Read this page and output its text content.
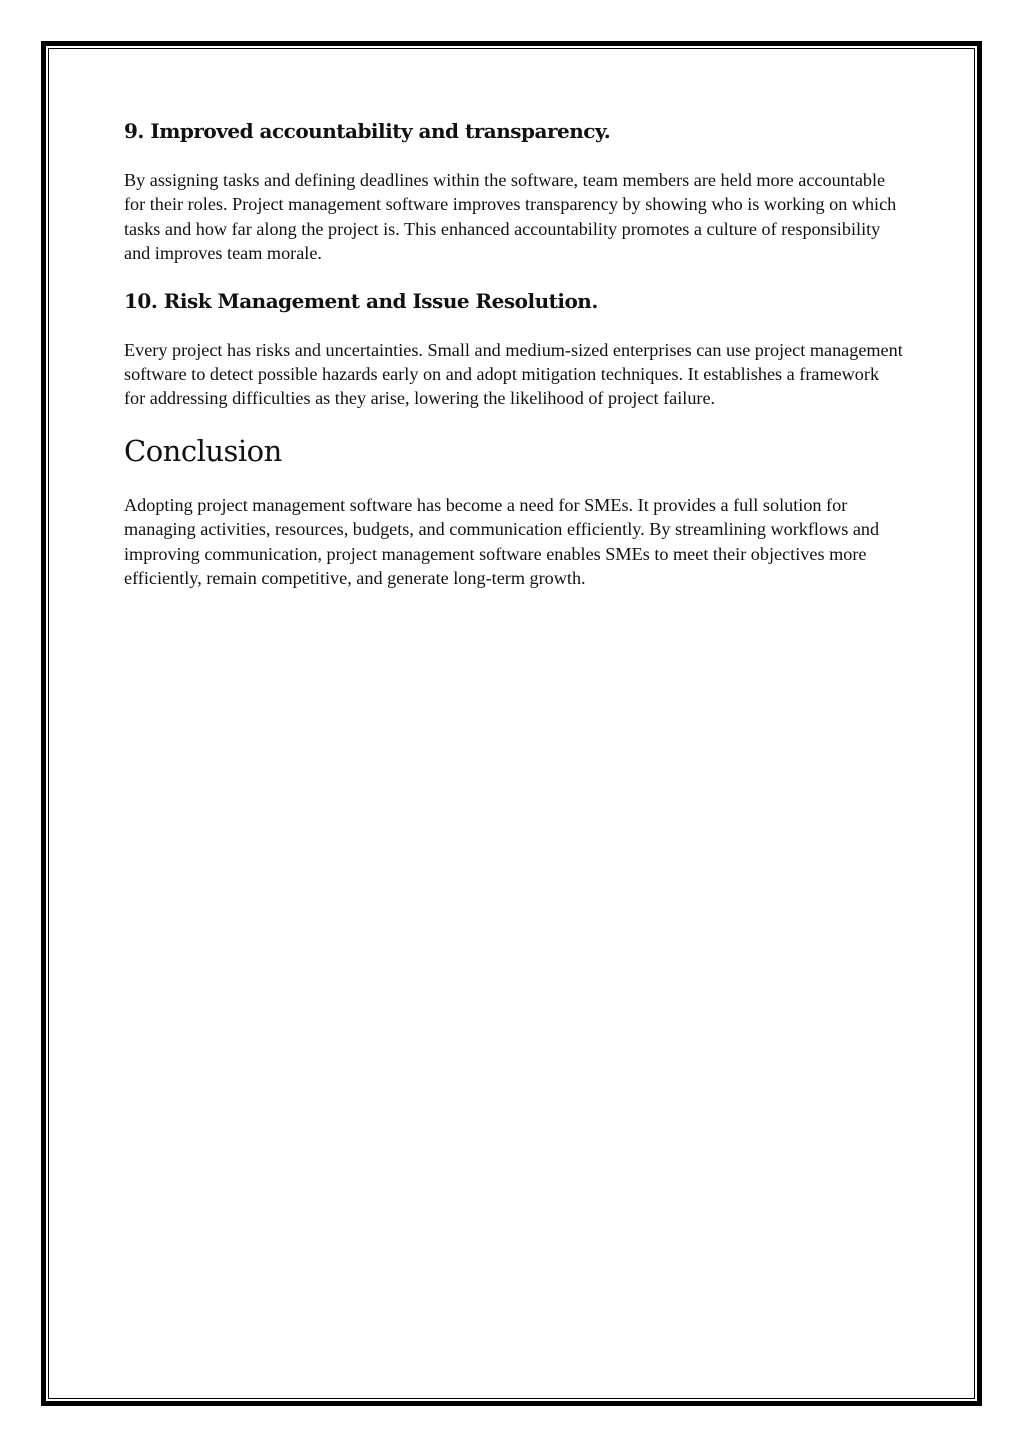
9. Improved accountability and transparency.

By assigning tasks and defining deadlines within the software, team members are held more accountable for their roles. Project management software improves transparency by showing who is working on which tasks and how far along the project is. This enhanced accountability promotes a culture of responsibility and improves team morale.

10. Risk Management and Issue Resolution.

Every project has risks and uncertainties. Small and medium-sized enterprises can use project management software to detect possible hazards early on and adopt mitigation techniques. It establishes a framework for addressing difficulties as they arise, lowering the likelihood of project failure.

Conclusion

Adopting project management software has become a need for SMEs. It provides a full solution for managing activities, resources, budgets, and communication efficiently. By streamlining workflows and improving communication, project management software enables SMEs to meet their objectives more efficiently, remain competitive, and generate long-term growth.
